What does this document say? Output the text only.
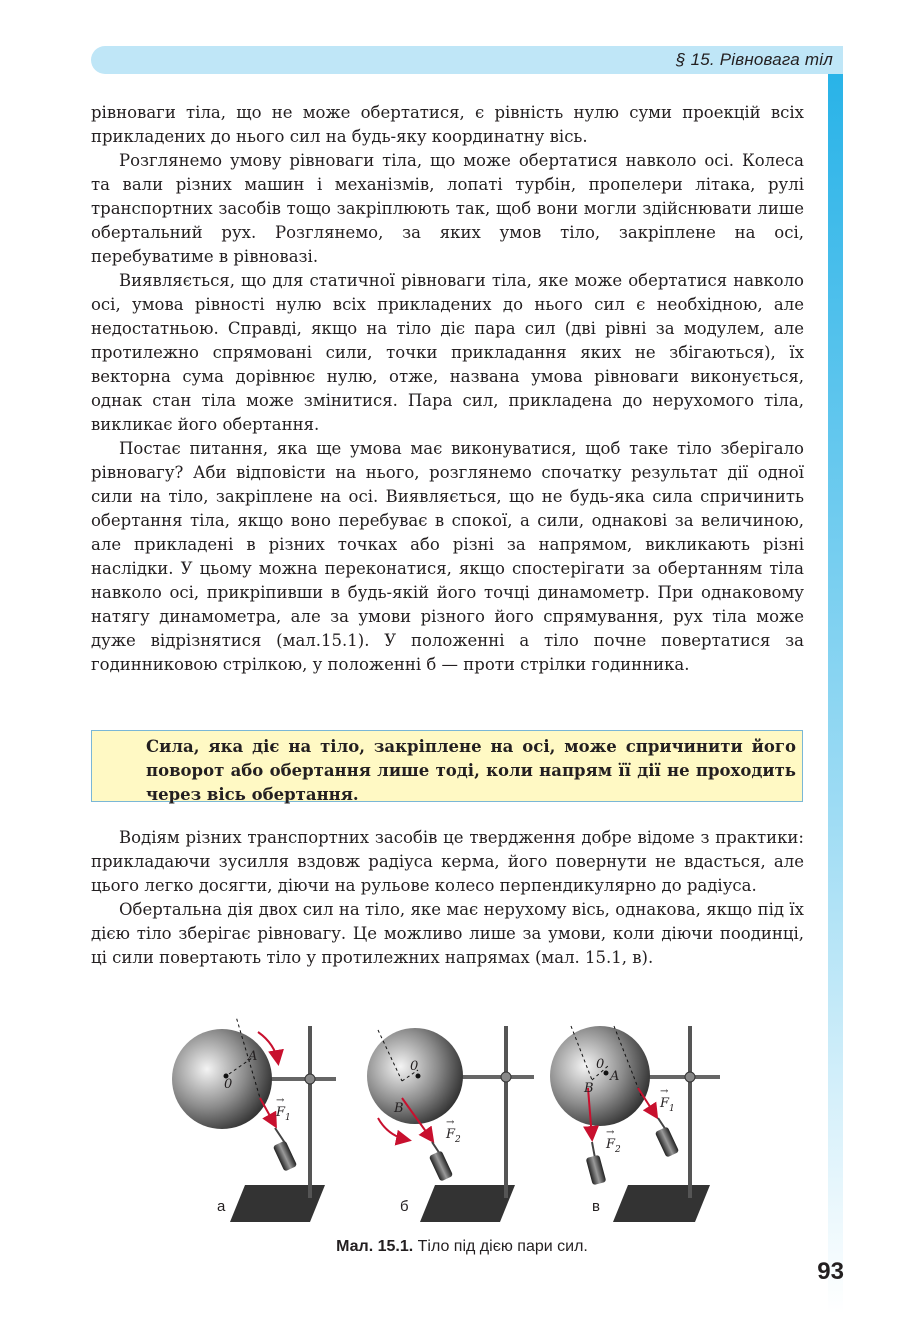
§ 15. Рівновага тіл

рівноваги тіла, що не може обертатися, є рівність нулю суми проекцій всіх прикладених до нього сил на будь-яку координатну вісь.

Розглянемо умову рівноваги тіла, що може обертатися навколо осі. Колеса та вали різних машин і механізмів, лопаті турбін, пропелери літака, рулі транспортних засобів тощо закріплюють так, щоб вони могли здійснювати лише обертальний рух. Розглянемо, за яких умов тіло, закріплене на осі, перебуватиме в рівновазі.

Виявляється, що для статичної рівноваги тіла, яке може обертатися навколо осі, умова рівності нулю всіх прикладених до нього сил є необхідною, але недостатньою. Справді, якщо на тіло діє пара сил (дві рівні за модулем, але протилежно спрямовані сили, точки прикладання яких не збігаються), їх векторна сума дорівнює нулю, отже, названа умова рівноваги виконується, однак стан тіла може змінитися. Пара сил, прикладена до нерухомого тіла, викликає його обертання.

Постає питання, яка ще умова має виконуватися, щоб таке тіло зберігало рівновагу? Аби відповісти на нього, розглянемо спочатку результат дії одної сили на тіло, закріплене на осі. Виявляється, що не будь-яка сила спричинить обертання тіла, якщо воно перебуває в спокої, а сили, однакові за величиною, але прикладені в різних точках або різні за напрямом, викликають різні наслідки. У цьому можна переконатися, якщо спостерігати за обертанням тіла навколо осі, прикріпивши в будь-якій його точці динамометр. При однаковому натягу динамометра, але за умови різного його спрямування, рух тіла може дуже відрізнятися (мал.15.1). У положенні а тіло почне повертатися за годинниковою стрілкою, у положенні б — проти стрілки годинника.

Сила, яка діє на тіло, закріплене на осі, може спричинити його поворот або обертання лише тоді, коли напрям її дії не проходить через вісь обертання.

Водіям різних транспортних засобів це твердження добре відоме з практики: прикладаючи зусилля вздовж радіуса керма, його повернути не вдасться, але цього легко досягти, діючи на рульове колесо перпендикулярно до радіуса.

Обертальна дія двох сил на тіло, яке має нерухому вісь, однакова, якщо під їх дією тіло зберігає рівновагу. Це можливо лише за умови, коли діючи поодинці, ці сили повертають тіло у протилежних напрямах (мал. 15.1, в).

0
A
$F_1$
→
а
0
B
$F_2$
→
б
0
B
A
$F_2$
→
$F_1$
→
в
Мал. 15.1. Тіло під дією пари сил.
93
